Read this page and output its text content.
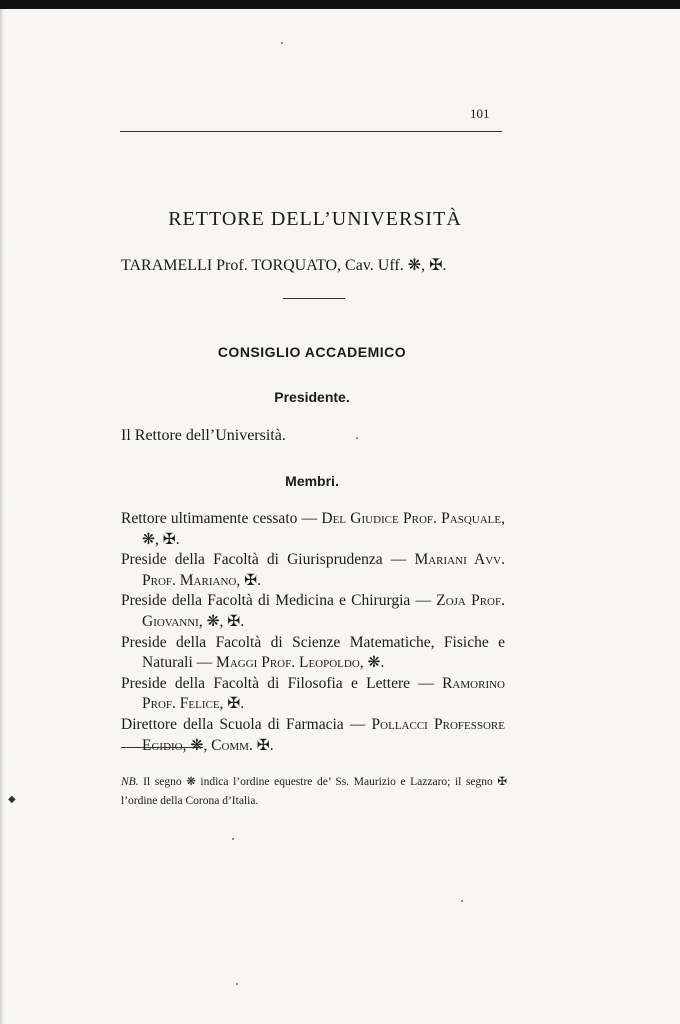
101
RETTORE DELL’UNIVERSITÀ
TARAMELLI Prof. TORQUATO, Cav. Uff. ❋, ✠.
CONSIGLIO ACCADEMICO
Presidente.
Il Rettore dell’Università.
Membri.
Rettore ultimamente cessato — Del Giudice Prof. Pasquale, ❋, ✠.
Preside della Facoltà di Giurisprudenza — Mariani Avv. Prof. Mariano, ✠.
Preside della Facoltà di Medicina e Chirurgia — Zoja Prof. Giovanni, ❋, ✠.
Preside della Facoltà di Scienze Matematiche, Fisiche e Naturali — Maggi Prof. Leopoldo, ❋.
Preside della Facoltà di Filosofia e Lettere — Ramorino Prof. Felice, ✠.
Direttore della Scuola di Farmacia — Pollacci Professore Egidio, ❋, Comm. ✠.
NB. Il segno ❋ indica l’ordine equestre de’ Ss. Maurizio e Lazzaro; il segno ✠ l’ordine della Corona d’Italia.
◆
